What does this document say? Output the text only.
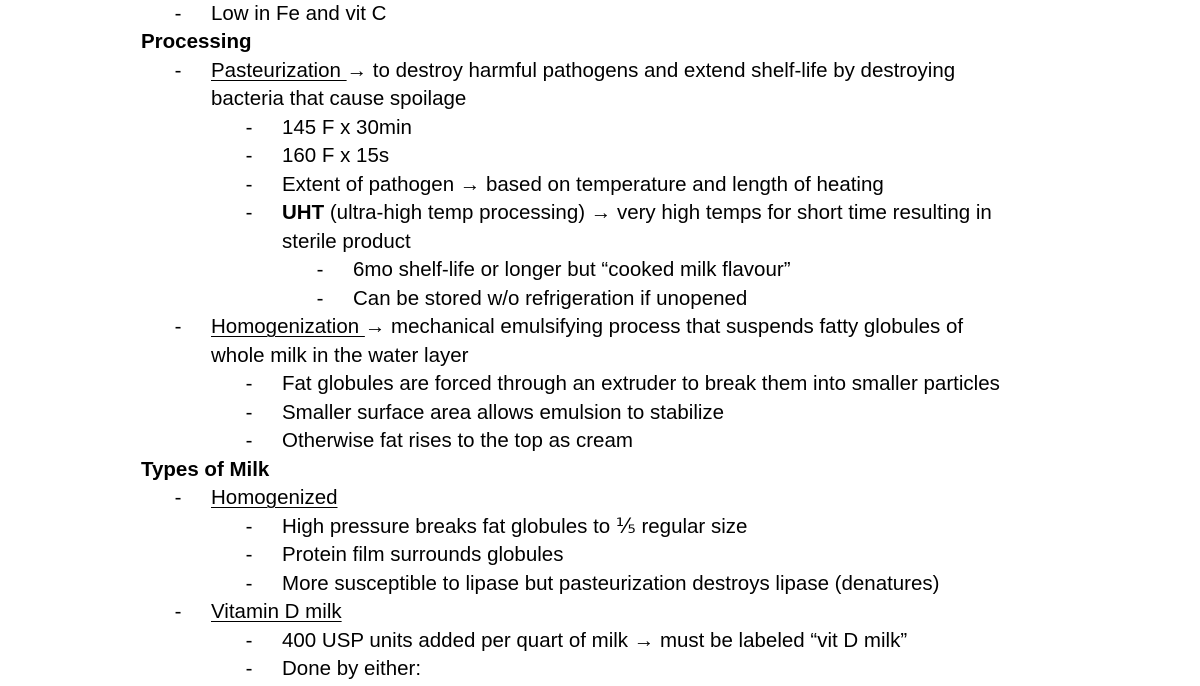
- Low in Fe and vit C
Processing
- Pasteurization → to destroy harmful pathogens and extend shelf-life by destroying
bacteria that cause spoilage
- 145 F x 30min
- 160 F x 15s
- Extent of pathogen → based on temperature and length of heating
- UHT (ultra-high temp processing) → very high temps for short time resulting in
sterile product
- 6mo shelf-life or longer but “cooked milk flavour”
- Can be stored w/o refrigeration if unopened
- Homogenization → mechanical emulsifying process that suspends fatty globules of
whole milk in the water layer
- Fat globules are forced through an extruder to break them into smaller particles
- Smaller surface area allows emulsion to stabilize
- Otherwise fat rises to the top as cream
Types of Milk
- Homogenized
- High pressure breaks fat globules to ⅕ regular size
- Protein film surrounds globules
- More susceptible to lipase but pasteurization destroys lipase (denatures)
- Vitamin D milk
- 400 USP units added per quart of milk → must be labeled “vit D milk”
- Done by either:
